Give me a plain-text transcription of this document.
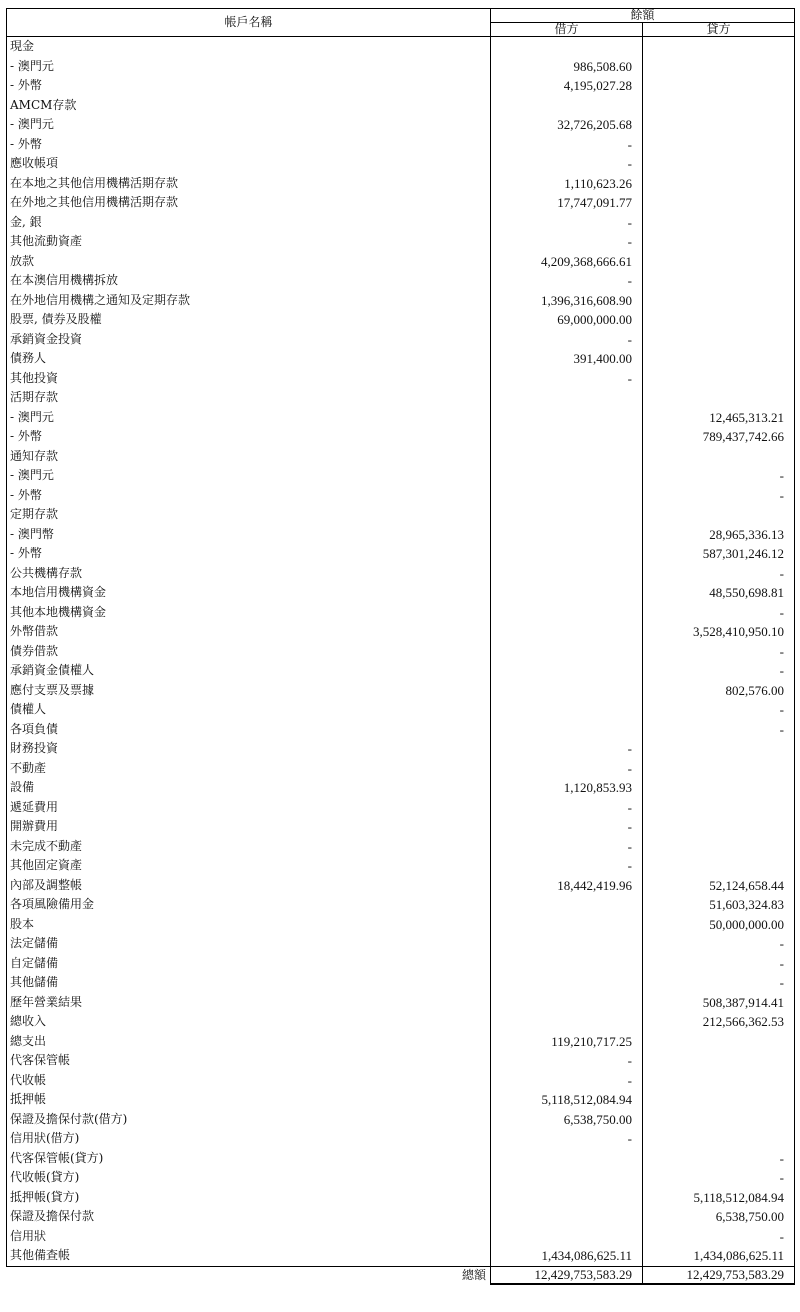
帳戶名稱	餘額	
	借方	貸方
現金		
- 澳門元	986,508.60	
- 外幣	4,195,027.28	
AMCM存款		
- 澳門元	32,726,205.68	
- 外幣	-	
應收帳項	-	
在本地之其他信用機構活期存款	1,110,623.26	
在外地之其他信用機構活期存款	17,747,091.77	
金, 銀	-	
其他流動資產	-	
放款	4,209,368,666.61	
在本澳信用機構拆放	-	
在外地信用機構之通知及定期存款	1,396,316,608.90	
股票, 債券及股權	69,000,000.00	
承銷資金投資	-	
債務人	391,400.00	
其他投資	-	
活期存款		
- 澳門元		12,465,313.21
- 外幣		789,437,742.66
通知存款		
- 澳門元		-
- 外幣		-
定期存款		
- 澳門幣		28,965,336.13
- 外幣		587,301,246.12
公共機構存款		-
本地信用機構資金		48,550,698.81
其他本地機構資金		-
外幣借款		3,528,410,950.10
債券借款		-
承銷資金債權人		-
應付支票及票據		802,576.00
債權人		-
各項負債		-
財務投資	-	
不動產	-	
設備	1,120,853.93	
遞延費用	-	
開辦費用	-	
未完成不動產	-	
其他固定資產	-	
內部及調整帳	18,442,419.96	52,124,658.44
各項風險備用金		51,603,324.83
股本		50,000,000.00
法定儲備		-
自定儲備		-
其他儲備		-
歷年營業結果		508,387,914.41
總收入		212,566,362.53
總支出	119,210,717.25	
代客保管帳	-	
代收帳	-	
抵押帳	5,118,512,084.94	
保證及擔保付款(借方)	6,538,750.00	
信用狀(借方)	-	
代客保管帳(貸方)		-
代收帳(貸方)		-
抵押帳(貸方)		5,118,512,084.94
保證及擔保付款		6,538,750.00
信用狀		-
其他備查帳	1,434,086,625.11	1,434,086,625.11
總額	12,429,753,583.29	12,429,753,583.29
